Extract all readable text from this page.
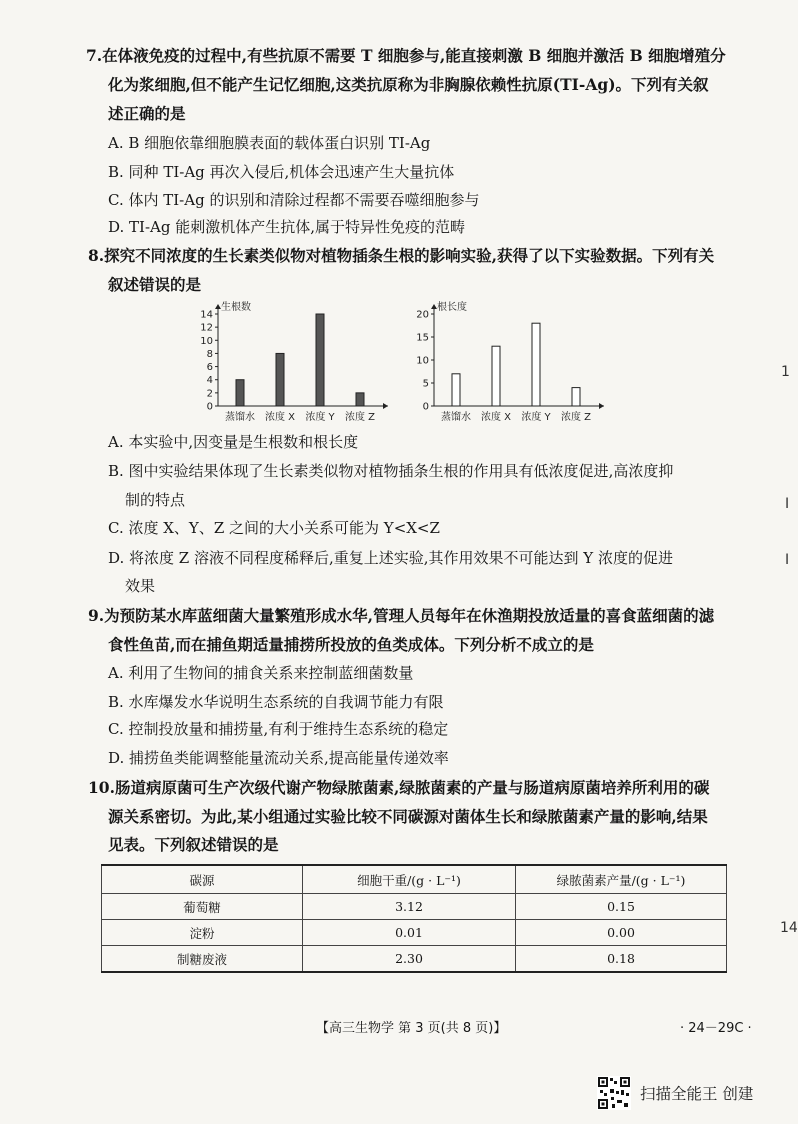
7.在体液免疫的过程中,有些抗原不需要 T 细胞参与,能直接刺激 B 细胞并激活 B 细胞增殖分
化为浆细胞,但不能产生记忆细胞,这类抗原称为非胸腺依赖性抗原(TI-Ag)。下列有关叙
述正确的是
A. B 细胞依靠细胞膜表面的载体蛋白识别 TI-Ag
B. 同种 TI-Ag 再次入侵后,机体会迅速产生大量抗体
C. 体内 TI-Ag 的识别和清除过程都不需要吞噬细胞参与
D. TI-Ag 能刺激机体产生抗体,属于特异性免疫的范畴
8.探究不同浓度的生长素类似物对植物插条生根的影响实验,获得了以下实验数据。下列有关
叙述错误的是
生根数
0
2
4
6
8
10
12
14
蒸馏水 浓度 X 浓度 Y 浓度 Z
根长度
0
5
10
15
20
蒸馏水 浓度 X 浓度 Y 浓度 Z
A. 本实验中,因变量是生根数和根长度
B. 图中实验结果体现了生长素类似物对植物插条生根的作用具有低浓度促进,高浓度抑
制的特点
C. 浓度 X、Y、Z 之间的大小关系可能为 Y<X<Z
D. 将浓度 Z 溶液不同程度稀释后,重复上述实验,其作用效果不可能达到 Y 浓度的促进
效果
9.为预防某水库蓝细菌大量繁殖形成水华,管理人员每年在休渔期投放适量的喜食蓝细菌的滤
食性鱼苗,而在捕鱼期适量捕捞所投放的鱼类成体。下列分析不成立的是
A. 利用了生物间的捕食关系来控制蓝细菌数量
B. 水库爆发水华说明生态系统的自我调节能力有限
C. 控制投放量和捕捞量,有利于维持生态系统的稳定
D. 捕捞鱼类能调整能量流动关系,提高能量传递效率
10.肠道病原菌可生产次级代谢产物绿脓菌素,绿脓菌素的产量与肠道病原菌培养所利用的碳
源关系密切。为此,某小组通过实验比较不同碳源对菌体生长和绿脓菌素产量的影响,结果
见表。下列叙述错误的是
碳源	细胞干重/(g · L⁻¹)	绿脓菌素产量/(g · L⁻¹)
葡萄糖	3.12	0.15
淀粉	0.01	0.00
制糖废液	2.30	0.18
【高三生物学 第 3 页(共 8 页)】	· 24－29C ·
扫描全能王 创建
1
I
I
14
